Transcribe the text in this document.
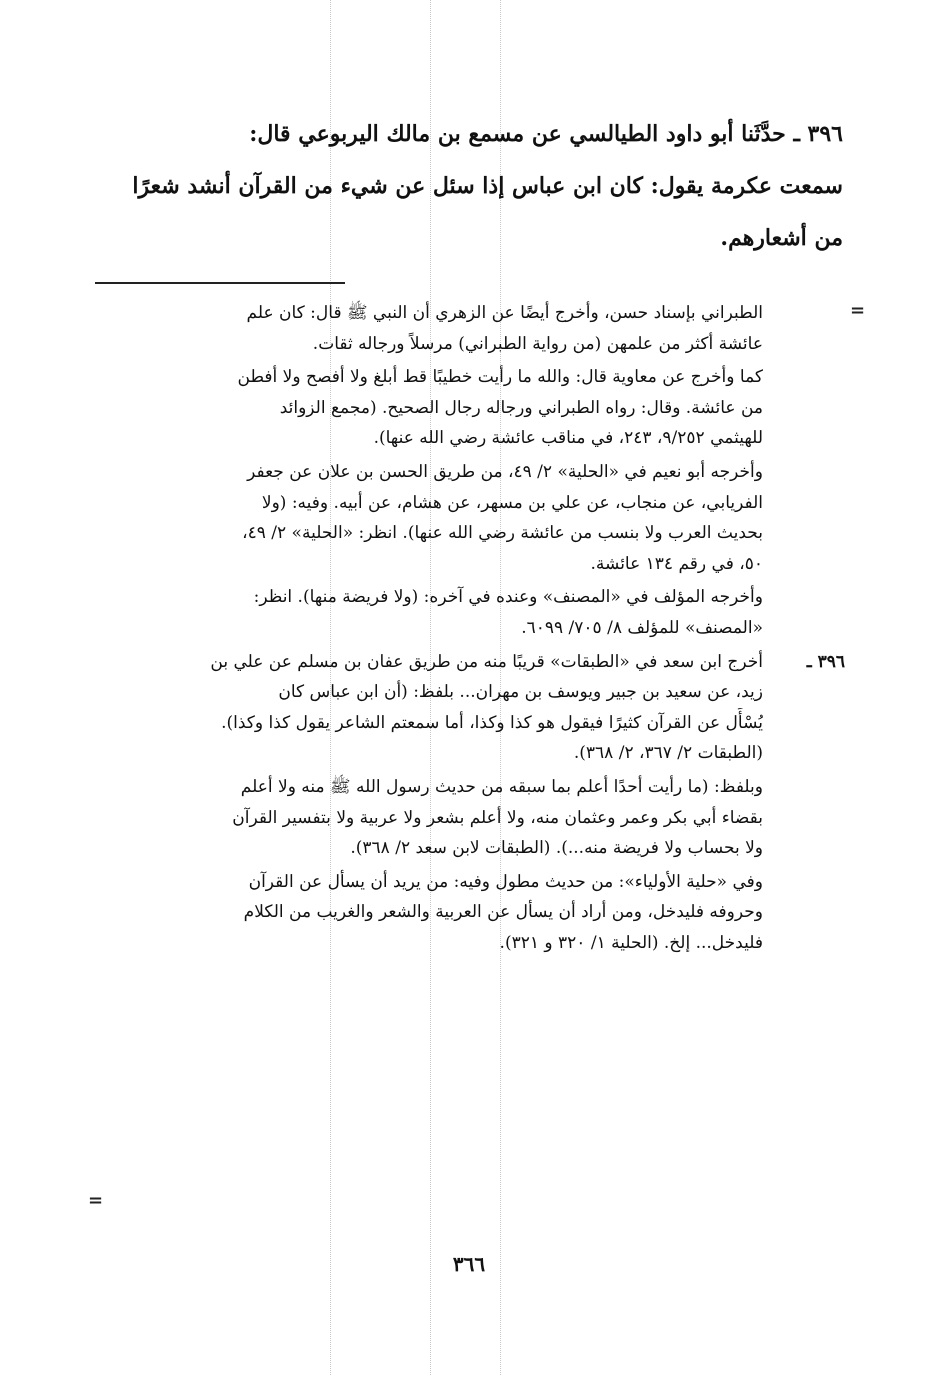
٣٩٦ ـ حدَّثَنا أبو داود الطيالسي عن مسمع بن مالك اليربوعي قال:
سمعت عكرمة يقول: كان ابن عباس إذا سئل عن شيء من القرآن أنشد شعرًا
من أشعارهم.
=
الطبراني بإسناد حسن، وأخرج أيضًا عن الزهري أن النبي ﷺ قال: كان علم
عائشة أكثر من علمهن (من رواية الطبراني) مرسلاً ورجاله ثقات.
كما وأخرج عن معاوية قال: والله ما رأيت خطيبًا قط أبلغ ولا أفصح ولا أفطن
من عائشة. وقال: رواه الطبراني ورجاله رجال الصحيح. (مجمع الزوائد
للهيثمي ٩/٢٥٢، ٢٤٣، في مناقب عائشة رضي الله عنها).
وأخرجه أبو نعيم في «الحلية» ٢/ ٤٩، من طريق الحسن بن علان عن جعفر
الفريابي، عن منجاب، عن علي بن مسهر، عن هشام، عن أبيه. وفيه: (ولا
بحديث العرب ولا بنسب من عائشة رضي الله عنها). انظر: «الحلية» ٢/ ٤٩،
٥٠، في رقم ١٣٤ عائشة.
وأخرجه المؤلف في «المصنف» وعنده في آخره: (ولا فريضة منها). انظر:
«المصنف» للمؤلف ٨/ ٧٠٥/ ٦٠٩٩.
٣٩٦ ـ
أخرج ابن سعد في «الطبقات» قريبًا منه من طريق عفان بن مسلم عن علي بن
زيد، عن سعيد بن جبير ويوسف بن مهران... بلفظ: (أن ابن عباس كان
يُسْأَل عن القرآن كثيرًا فيقول هو كذا وكذا، أما سمعتم الشاعر يقول كذا وكذا).
(الطبقات ٢/ ٣٦٧، ٢/ ٣٦٨).
وبلفظ: (ما رأيت أحدًا أعلم بما سبقه من حديث رسول الله ﷺ منه ولا أعلم
بقضاء أبي بكر وعمر وعثمان منه، ولا أعلم بشعر ولا عربية ولا بتفسير القرآن
ولا بحساب ولا فريضة منه...). (الطبقات لابن سعد ٢/ ٣٦٨).
وفي «حلية الأولياء»: من حديث مطول وفيه: من يريد أن يسأل عن القرآن
وحروفه فليدخل، ومن أراد أن يسأل عن العربية والشعر والغريب من الكلام
فليدخل... إلخ. (الحلية ١/ ٣٢٠ و ٣٢١).
=
٣٦٦
